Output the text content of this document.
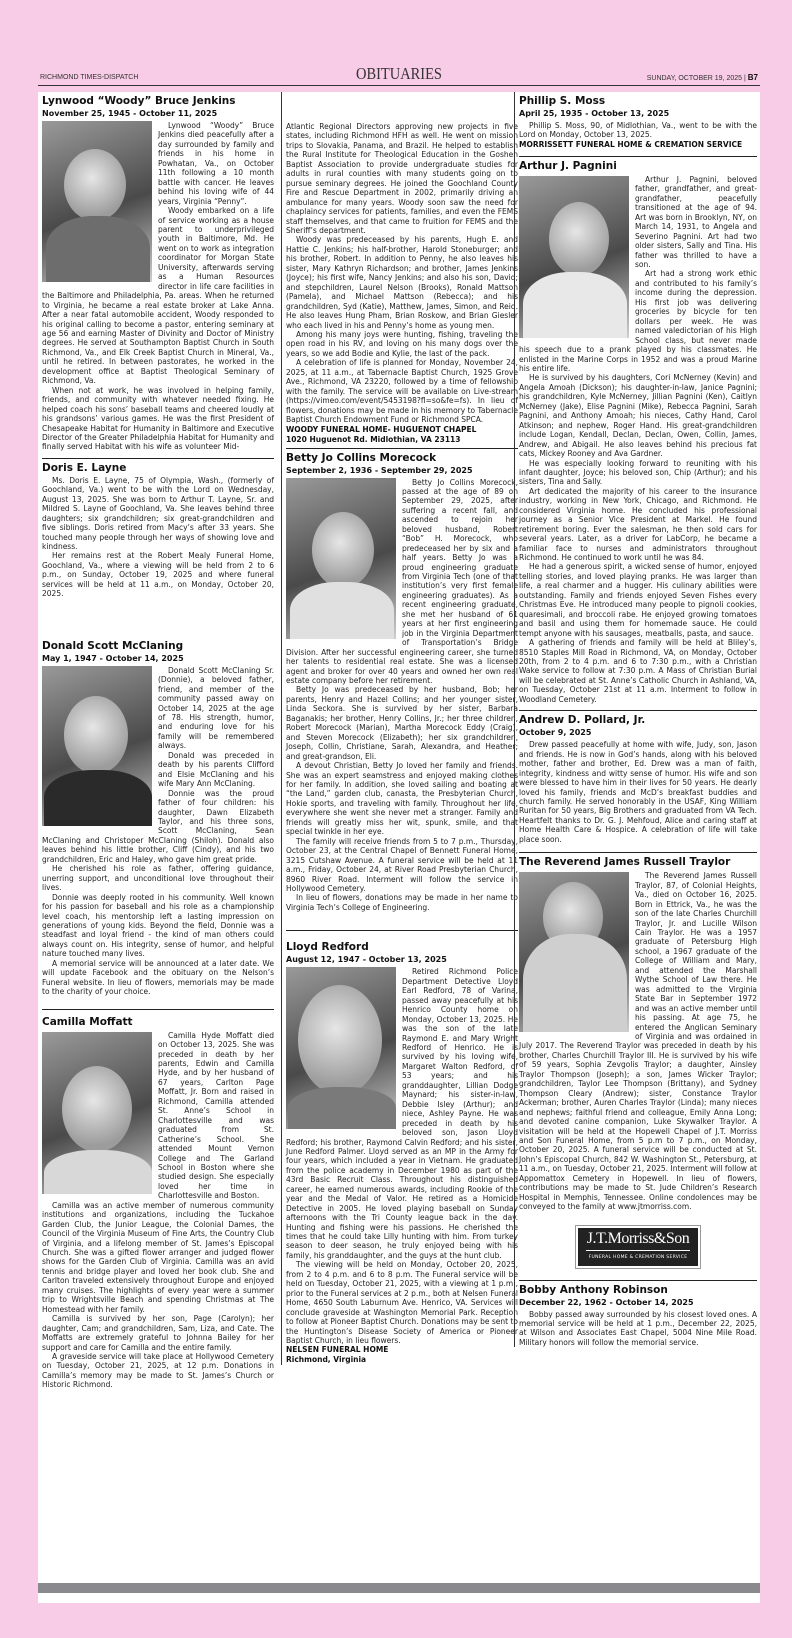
RICHMOND TIMES-DISPATCH	OBITUARIES	SUNDAY, OCTOBER 19, 2025 | B7
Lynwood “Woody” Bruce Jenkins
November 25, 1945 - October 11, 2025

Lynwood “Woody” Bruce Jenkins died peacefully after a day surrounded by family and friends in his home in Powhatan, Va., on October 11th following a 10 month battle with cancer. He leaves behind his loving wife of 44 years, Virginia “Penny”.

Woody embarked on a life of service working as a house parent to underprivileged youth in Baltimore, Md. He went on to work as integration coordinator for Morgan State University, afterwards serving as a Human Resources director in life care facilities in the Baltimore and Philadelphia, Pa. areas. When he returned to Virginia, he became a real estate broker at Lake Anna. After a near fatal automobile accident, Woody responded to his original calling to become a pastor, entering seminary at age 56 and earning Master of Divinity and Doctor of Ministry degrees. He served at Southampton Baptist Church in South Richmond, Va., and Elk Creek Baptist Church in Mineral, Va., until he retired. In between pastorates, he worked in the development office at Baptist Theological Seminary of Richmond, Va.

When not at work, he was involved in helping family, friends, and community with whatever needed fixing. He helped coach his sons’ baseball teams and cheered loudly at his grandsons’ various games. He was the first President of Chesapeake Habitat for Humanity in Baltimore and Executive Director of the Greater Philadelphia Habitat for Humanity and finally served Habitat with his wife as volunteer Mid-

Doris E. Layne

Ms. Doris E. Layne, 75 of Olympia, Wash., (formerly of Goochland, Va.) went to be with the Lord on Wednesday, August 13, 2025. She was born to Arthur T. Layne, Sr. and Mildred S. Layne of Goochland, Va. She leaves behind three daughters; six grandchildren; six great-grandchildren and five siblings. Doris retired from Macy’s after 33 years. She touched many people through her ways of showing love and kindness.

Her remains rest at the Robert Mealy Funeral Home, Goochland, Va., where a viewing will be held from 2 to 6 p.m., on Sunday, October 19, 2025 and where funeral services will be held at 11 a.m., on Monday, October 20, 2025.

Donald Scott McClaning
May 1, 1947 - October 14, 2025

Donald Scott McClaning Sr.(Donnie), a beloved father, friend, and member of the community passed away on October 14, 2025 at the age of 78. His strength, humor, and enduring love for his family will be remembered always.

Donald was preceded in death by his parents Clifford and Elsie McClaning and his wife Mary Ann McClaning.

Donnie was the proud father of four children: his daughter, Dawn Elizabeth Taylor, and his three sons, Scott McClaning, Sean McClaning and Christoper McClaning (Shiloh). Donald also leaves behind his little brother, Cliff (Cindy), and his two grandchildren, Eric and Haley, who gave him great pride.

He cherished his role as father, offering guidance, unerring support, and unconditional love throughout their lives.

Donnie was deeply rooted in his community. Well known for his passion for baseball and his role as a championship level coach, his mentorship left a lasting impression on generations of young kids. Beyond the field, Donnie was a steadfast and loyal friend - the kind of man others could always count on. His integrity, sense of humor, and helpful nature touched many lives.

A memorial service will be announced at a later date. We will update Facebook and the obituary on the Nelson’s Funeral website. In lieu of flowers, memorials may be made to the charity of your choice.

Camilla Moffatt

Camilla Hyde Moffatt died on October 13, 2025. She was preceded in death by her parents, Edwin and Camilla Hyde, and by her husband of 67 years, Carlton Page Moffatt, Jr. Born and raised in Richmond, Camilla attended St. Anne’s School in Charlottesville and was graduated from St. Catherine’s School. She attended Mount Vernon College and The Garland School in Boston where she studied design. She especially loved her time in Charlottesville and Boston.

Camilla was an active member of numerous community institutions and organizations, including the Tuckahoe Garden Club, the Junior League, the Colonial Dames, the Council of the Virginia Museum of Fine Arts, the Country Club of Virginia, and a lifelong member of St. James’s Episcopal Church. She was a gifted flower arranger and judged flower shows for the Garden Club of Virginia. Camilla was an avid tennis and bridge player and loved her book club. She and Carlton traveled extensively throughout Europe and enjoyed many cruises. The highlights of every year were a summer trip to Wrightsville Beach and spending Christmas at The Homestead with her family.

Camilla is survived by her son, Page (Carolyn); her daughter, Cam; and grandchildren, Sam, Liza, and Cate. The Moffatts are extremely grateful to Johnna Bailey for her support and care for Camilla and the entire family.

A graveside service will take place at Hollywood Cemetery on Tuesday, October 21, 2025, at 12 p.m. Donations in Camilla’s memory may be made to St. James’s Church or Historic Richmond.

Atlantic Regional Directors approving new projects in five states, including Richmond HFH as well. He went on mission trips to Slovakia, Panama, and Brazil. He helped to establish the Rural Institute for Theological Education in the Goshen Baptist Association to provide undergraduate studies for adults in rural counties with many students going on to pursue seminary degrees. He joined the Goochland County Fire and Rescue Department in 2002, primarily driving an ambulance for many years. Woody soon saw the need for chaplaincy services for patients, families, and even the FEMS staff themselves, and that came to fruition for FEMS and the Sheriff’s department.

Woody was predeceased by his parents, Hugh E. and Hattie C. Jenkins; his half-brother, Harold Stoneburger; and his brother, Robert. In addition to Penny, he also leaves his sister, Mary Kathryn Richardson; and brother, James Jenkins (Joyce); his first wife, Nancy Jenkins; and also his son, David; and stepchildren, Laurel Nelson (Brooks), Ronald Mattson (Pamela), and Michael Mattson (Rebecca); and his grandchildren, Syd (Katie), Matthew, James, Simon, and Reid. He also leaves Hung Pham, Brian Roskow, and Brian Giesler who each lived in his and Penny’s home as young men.

Among his many joys were hunting, fishing, traveling the open road in his RV, and loving on his many dogs over the years, so we add Bodie and Kylie, the last of the pack.

A celebration of life is planned for Monday, November 24, 2025, at 11 a.m., at Tabernacle Baptist Church, 1925 Grove Ave., Richmond, VA 23220, followed by a time of fellowship with the family. The service will be available on Live-stream (https://vimeo.com/event/5453198?fl=so&fe=fs). In lieu of flowers, donations may be made in his memory to Tabernacle Baptist Church Endowment Fund or Richmond SPCA.

WOODY FUNERAL HOME- HUGUENOT CHAPEL
1020 Huguenot Rd. Midlothian, VA 23113
Betty Jo Collins Morecock
September 2, 1936 - September 29, 2025

Betty Jo Collins Morecock, passed at the age of 89 on September 29, 2025, after suffering a recent fall, and ascended to rejoin her beloved husband, Robert “Bob” H. Morecock, who predeceased her by six and a half years. Betty Jo was a proud engineering graduate from Virginia Tech (one of that institution’s very first female engineering graduates). As a recent engineering graduate, she met her husband of 61 years at her first engineering job in the Virginia Department of Transportation’s Bridge Division. After her successful engineering career, she turned her talents to residential real estate. She was a licensed agent and broker for over 40 years and owned her own real estate company before her retirement.

Betty Jo was predeceased by her husband, Bob; her parents, Henry and Hazel Collins; and her younger sister, Linda Seckora. She is survived by her sister, Barbara Baganakis; her brother, Henry Collins, Jr.; her three children, Robert Morecock (Marian), Martha Morecock Eddy (Craig), and Steven Morecock (Elizabeth); her six grandchildren, Joseph, Collin, Christiane, Sarah, Alexandra, and Heather; and great-grandson, Eli.

A devout Christian, Betty Jo loved her family and friends. She was an expert seamstress and enjoyed making clothes for her family. In addition, she loved sailing and boating at “the Land,” garden club, canasta, the Presbyterian Church, Hokie sports, and traveling with family. Throughout her life, everywhere she went she never met a stranger. Family and friends will greatly miss her wit, spunk, smile, and that special twinkle in her eye.

The family will receive friends from 5 to 7 p.m., Thursday, October 23, at the Central Chapel of Bennett Funeral Home, 3215 Cutshaw Avenue. A funeral service will be held at 11 a.m., Friday, October 24, at River Road Presbyterian Church, 8960 River Road. Interment will follow the service in Hollywood Cemetery.

In lieu of flowers, donations may be made in her name to Virginia Tech’s College of Engineering.

Lloyd Redford
August 12, 1947 - October 13, 2025

Retired Richmond Police Department Detective Lloyd Earl Redford, 78 of Varina, passed away peacefully at his Henrico County home on Monday, October 13, 2025. He was the son of the late Raymond E. and Mary Wright Redford of Henrico. He is survived by his loving wife, Margaret Walton Redford, of 53 years; and his granddaughter, Lillian Dodge Maynard; his sister-in-law, Debbie Isley (Arthur); and niece, Ashley Payne. He was preceded in death by his beloved son, Jason Lloyd Redford; his brother, Raymond Calvin Redford; and his sister, June Redford Palmer. Lloyd served as an MP in the Army for four years, which included a year in Vietnam. He graduated from the police academy in December 1980 as part of the 43rd Basic Recruit Class. Throughout his distinguished career, he earned numerous awards, including Rookie of the year and the Medal of Valor. He retired as a Homicide Detective in 2005. He loved playing baseball on Sunday afternoons with the Tri County league back in the day. Hunting and fishing were his passions. He cherished the times that he could take Lilly hunting with him. From turkey season to deer season, he truly enjoyed being with his family, his granddaughter, and the guys at the hunt club.

The viewing will be held on Monday, October 20, 2025, from 2 to 4 p.m. and 6 to 8 p.m. The Funeral service will be held on Tuesday, October 21, 2025, with a viewing at 1 p.m., prior to the Funeral services at 2 p.m., both at Nelsen Funeral Home, 4650 South Laburnum Ave. Henrico, VA. Services will conclude graveside at Washington Memorial Park. Reception to follow at Pioneer Baptist Church. Donations may be sent to the Huntington’s Disease Society of America or Pioneer Baptist Church, in lieu flowers.

NELSEN FUNERAL HOME
Richmond, Virginia
Phillip S. Moss
April 25, 1935 - October 13, 2025

Phillip S. Moss, 90, of Midlothian, Va., went to be with the Lord on Monday, October 13, 2025.

MORRISSETT FUNERAL HOME & CREMATION SERVICE
Arthur J. Pagnini

Arthur J. Pagnini, beloved father, grandfather, and great-grandfather, peacefully transitioned at the age of 94. Art was born in Brooklyn, NY, on March 14, 1931, to Angela and Severino Pagnini. Art had two older sisters, Sally and Tina. His father was thrilled to have a son.

Art had a strong work ethic and contributed to his family’s income during the depression. His first job was delivering groceries by bicycle for ten dollars per week. He was named valedictorian of his High School class, but never made his speech due to a prank played by his classmates. He enlisted in the Marine Corps in 1952 and was a proud Marine his entire life.

He is survived by his daughters, Cori McNerney (Kevin) and Angela Amoah (Dickson); his daughter-in-law, Janice Pagnini; his grandchildren, Kyle McNerney, Jillian Pagnini (Ken), Caitlyn McNerney (Jake), Elise Pagnini (Mike), Rebecca Pagnini, Sarah Pagnini, and Anthony Amoah; his nieces, Cathy Hand, Carol Atkinson; and nephew, Roger Hand. His great-grandchildren include Logan, Kendall, Declan, Declan, Owen, Collin, James, Andrew, and Abigail. He also leaves behind his precious fat cats, Mickey Rooney and Ava Gardner.

He was especially looking forward to reuniting with his infant daughter, Joyce; his beloved son, Chip (Arthur); and his sisters, Tina and Sally.

Art dedicated the majority of his career to the insurance industry, working in New York, Chicago, and Richmond. He considered Virginia home. He concluded his professional journey as a Senior Vice President at Markel. He found retirement boring. Ever the salesman, he then sold cars for several years. Later, as a driver for LabCorp, he became a familiar face to nurses and administrators throughout Richmond. He continued to work until he was 84.

He had a generous spirit, a wicked sense of humor, enjoyed telling stories, and loved playing pranks. He was larger than life, a real charmer and a hugger. His culinary abilities were outstanding. Family and friends enjoyed Seven Fishes every Christmas Eve. He introduced many people to pignoli cookies, quaresimali, and broccoli rabe. He enjoyed growing tomatoes and basil and using them for homemade sauce. He could tempt anyone with his sausages, meatballs, pasta, and sauce.

A gathering of friends and family will be held at Bliley’s, 8510 Staples Mill Road in Richmond, VA, on Monday, October 20th, from 2 to 4 p.m. and 6 to 7:30 p.m., with a Christian Wake service to follow at 7:30 p.m. A Mass of Christian Burial will be celebrated at St. Anne’s Catholic Church in Ashland, VA, on Tuesday, October 21st at 11 a.m. Interment to follow in Woodland Cemetery.

Andrew D. Pollard, Jr.
October 9, 2025

Drew passed peacefully at home with wife, Judy, son, Jason and friends. He is now in God’s hands, along with his beloved mother, father and brother, Ed. Drew was a man of faith, integrity, kindness and witty sense of humor. His wife and son were blessed to have him in their lives for 50 years. He dearly loved his family, friends and McD’s breakfast buddies and church family. He served honorably in the USAF, King William Ruritan for 50 years, Big Brothers and graduated from VA Tech. Heartfelt thanks to Dr. G. J. Mehfoud, Alice and caring staff at Home Health Care & Hospice. A celebration of life will take place soon.

The Reverend James Russell Traylor

The Reverend James Russell Traylor, 87, of Colonial Heights, Va., died on October 16, 2025. Born in Ettrick, Va., he was the son of the late Charles Churchill Traylor, Jr. and Lucille Wilson Cain Traylor. He was a 1957 graduate of Petersburg High school, a 1967 graduate of the College of William and Mary, and attended the Marshall Wythe School of Law there. He was admitted to the Virginia State Bar in September 1972 and was an active member until his passing. At age 75, he entered the Anglican Seminary of Virginia and was ordained in July 2017. The Reverend Traylor was preceded in death by his brother, Charles Churchill Traylor III. He is survived by his wife of 59 years, Sophia Zevgolis Traylor; a daughter, Ainsley Traylor Thompson (Joseph); a son, James Wicker Traylor; grandchildren, Taylor Lee Thompson (Brittany), and Sydney Thompson Cleary (Andrew); sister, Constance Traylor Ackerman; brother, Auren Charles Traylor (Linda); many nieces and nephews; faithful friend and colleague, Emily Anna Long; and devoted canine companion, Luke Skywalker Traylor. A visitation will be held at the Hopewell Chapel of J.T. Morriss and Son Funeral Home, from 5 p.m to 7 p.m., on Monday, October 20, 2025. A funeral service will be conducted at St. John’s Episcopal Church, 842 W. Washington St., Petersburg, at 11 a.m., on Tuesday, October 21, 2025. Interment will follow at Appomattox Cemetery in Hopewell. In lieu of flowers, contributions may be made to St. Jude Children’s Research Hospital in Memphis, Tennessee. Online condolences may be conveyed to the family at www.jtmorriss.com.

J.T.Morriss&Son
FUNERAL HOME & CREMATION SERVICE
Bobby Anthony Robinson
December 22, 1962 - October 14, 2025

Bobby passed away surrounded by his closest loved ones. A memorial service will be held at 1 p.m., December 22, 2025, at Wilson and Associates East Chapel, 5004 Nine Mile Road. Military honors will follow the memorial service.
